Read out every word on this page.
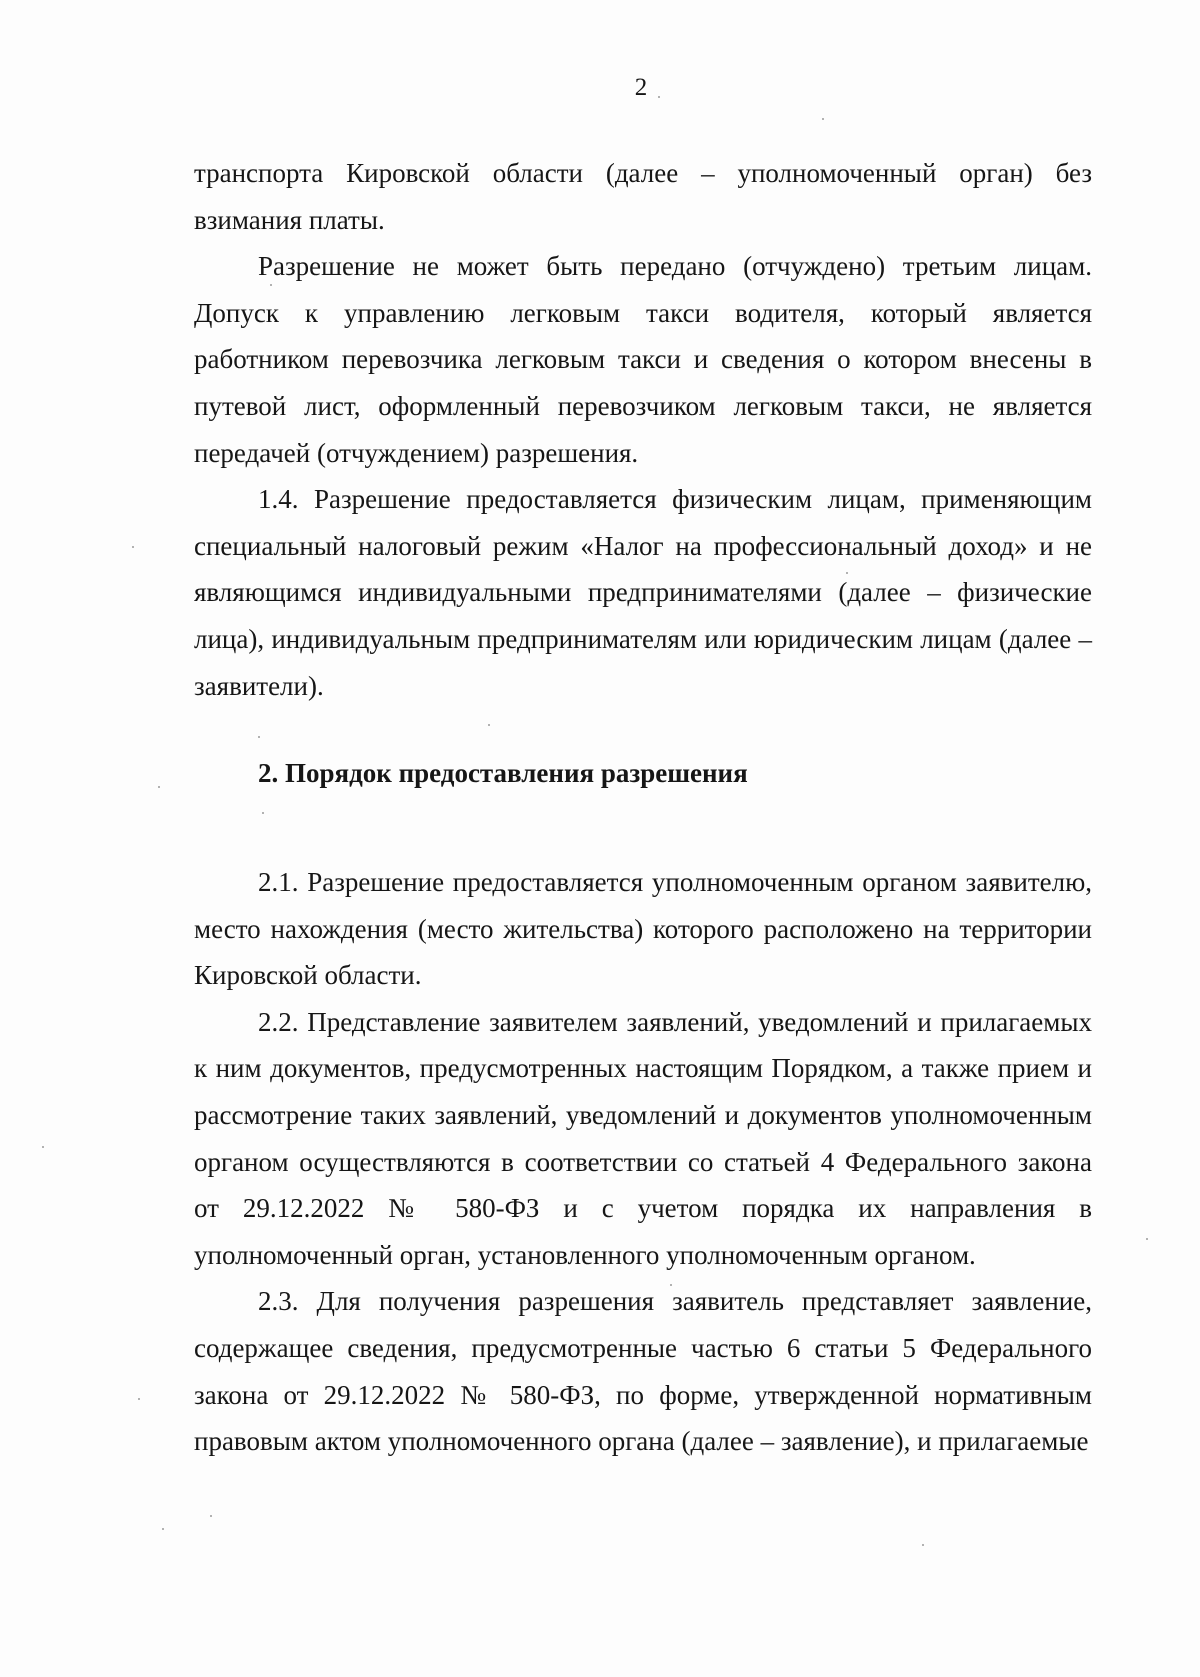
2

транспорта Кировской области (далее – уполномоченный орган) без взимания платы.

Разрешение не может быть передано (отчуждено) третьим лицам. Допуск к управлению легковым такси водителя, который является работником перевозчика легковым такси и сведения о котором внесены в путевой лист, оформленный перевозчиком легковым такси, не является передачей (отчуждением) разрешения.

1.4. Разрешение предоставляется физическим лицам, применяющим специальный налоговый режим «Налог на профессиональный доход» и не являющимся индивидуальными предпринимателями (далее – физические лица), индивидуальным предпринимателям или юридическим лицам (далее – заявители).

2. Порядок предоставления разрешения

2.1. Разрешение предоставляется уполномоченным органом заявителю, место нахождения (место жительства) которого расположено на территории Кировской области.

2.2. Представление заявителем заявлений, уведомлений и прилагаемых к ним документов, предусмотренных настоящим Порядком, а также прием и рассмотрение таких заявлений, уведомлений и документов уполномоченным органом осуществляются в соответствии со статьей 4 Федерального закона от 29.12.2022 № 580-ФЗ и с учетом порядка их направления в уполномоченный орган, установленного уполномоченным органом.

2.3. Для получения разрешения заявитель представляет заявление, содержащее сведения, предусмотренные частью 6 статьи 5 Федерального закона от 29.12.2022 № 580-ФЗ, по форме, утвержденной нормативным правовым актом уполномоченного органа (далее – заявление), и прилагаемые
